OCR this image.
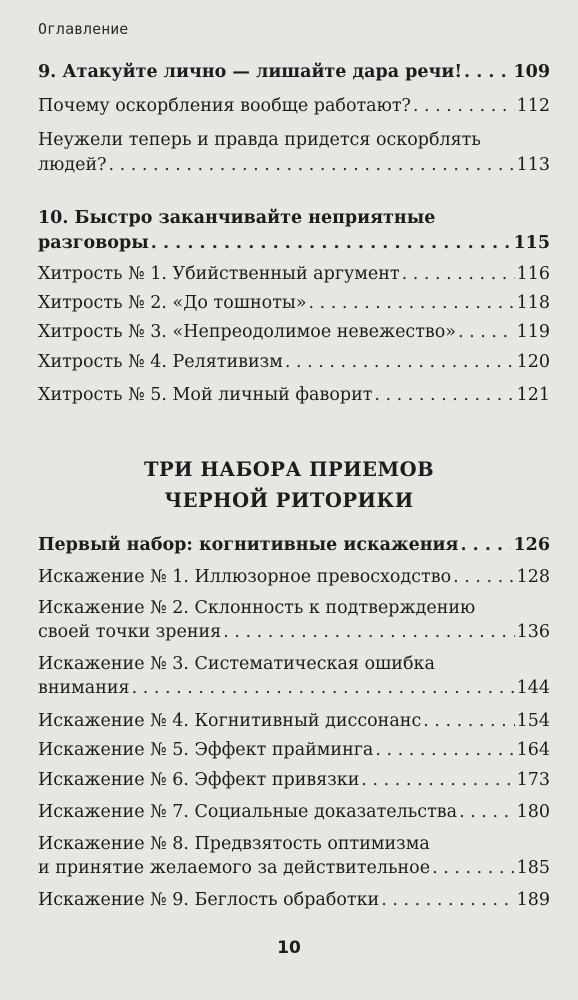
Оглавление
9. Атакуйте лично — лишайте дара речи! . . .	109
Почему оскорбления вообще работают? . . .	112
Неужели теперь и правда придется оскорблять
людей? . . .	113
10. Быстро заканчивайте неприятные
разговоры . . .	115
Хитрость № 1. Убийственный аргумент . . .	116
Хитрость № 2. «До тошноты» . . .	118
Хитрость № 3. «Непреодолимое невежество» . . .	119
Хитрость № 4. Релятивизм . . .	120
Хитрость № 5. Мой личный фаворит . . .	121
ТРИ НАБОРА ПРИЕМОВ
ЧЕРНОЙ РИТОРИКИ
Первый набор: когнитивные искажения . . .	126
Искажение № 1. Иллюзорное превосходство . . .	128
Искажение № 2. Склонность к подтверждению
своей точки зрения . . .	136
Искажение № 3. Систематическая ошибка
внимания . . .	144
Искажение № 4. Когнитивный диссонанс . . .	154
Искажение № 5. Эффект прайминга . . .	164
Искажение № 6. Эффект привязки . . .	173
Искажение № 7. Социальные доказательства . . .	180
Искажение № 8. Предвзятость оптимизма
и принятие желаемого за действительное . . .	185
Искажение № 9. Беглость обработки . . .	189
10
